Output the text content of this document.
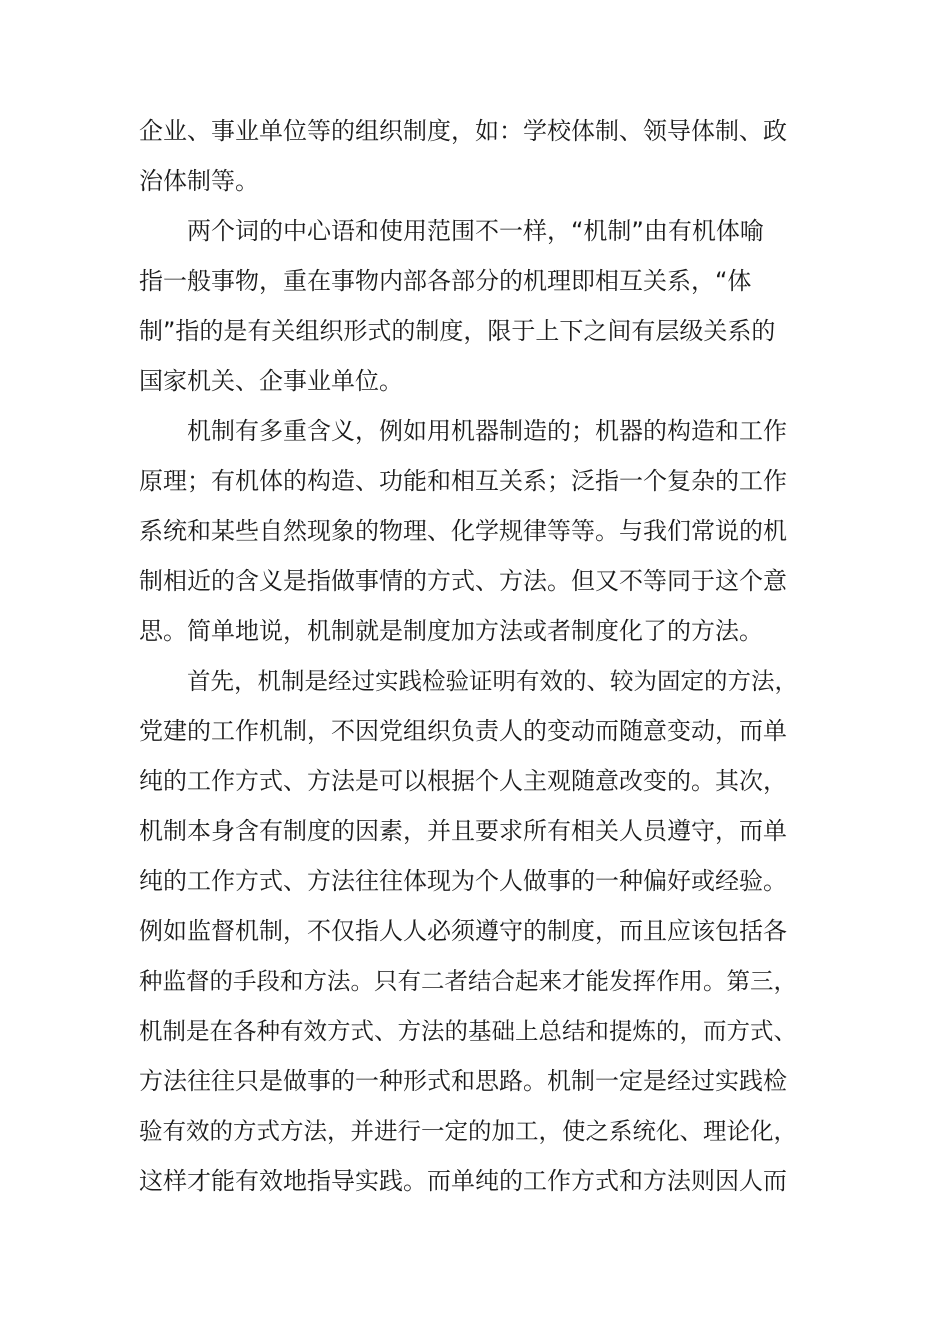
企业、事业单位等的组织制度，如：学校体制、领导体制、政
治体制等。
两个词的中心语和使用范围不一样，“机制”由有机体喻
指一般事物，重在事物内部各部分的机理即相互关系，“体
制”指的是有关组织形式的制度，限于上下之间有层级关系的
国家机关、企事业单位。
机制有多重含义，例如用机器制造的；机器的构造和工作
原理；有机体的构造、功能和相互关系；泛指一个复杂的工作
系统和某些自然现象的物理、化学规律等等。与我们常说的机
制相近的含义是指做事情的方式、方法。但又不等同于这个意
思。简单地说，机制就是制度加方法或者制度化了的方法。
首先，机制是经过实践检验证明有效的、较为固定的方法，
党建的工作机制，不因党组织负责人的变动而随意变动，而单
纯的工作方式、方法是可以根据个人主观随意改变的。其次，
机制本身含有制度的因素，并且要求所有相关人员遵守，而单
纯的工作方式、方法往往体现为个人做事的一种偏好或经验。
例如监督机制，不仅指人人必须遵守的制度，而且应该包括各
种监督的手段和方法。只有二者结合起来才能发挥作用。第三，
机制是在各种有效方式、方法的基础上总结和提炼的，而方式、
方法往往只是做事的一种形式和思路。机制一定是经过实践检
验有效的方式方法，并进行一定的加工，使之系统化、理论化，
这样才能有效地指导实践。而单纯的工作方式和方法则因人而
